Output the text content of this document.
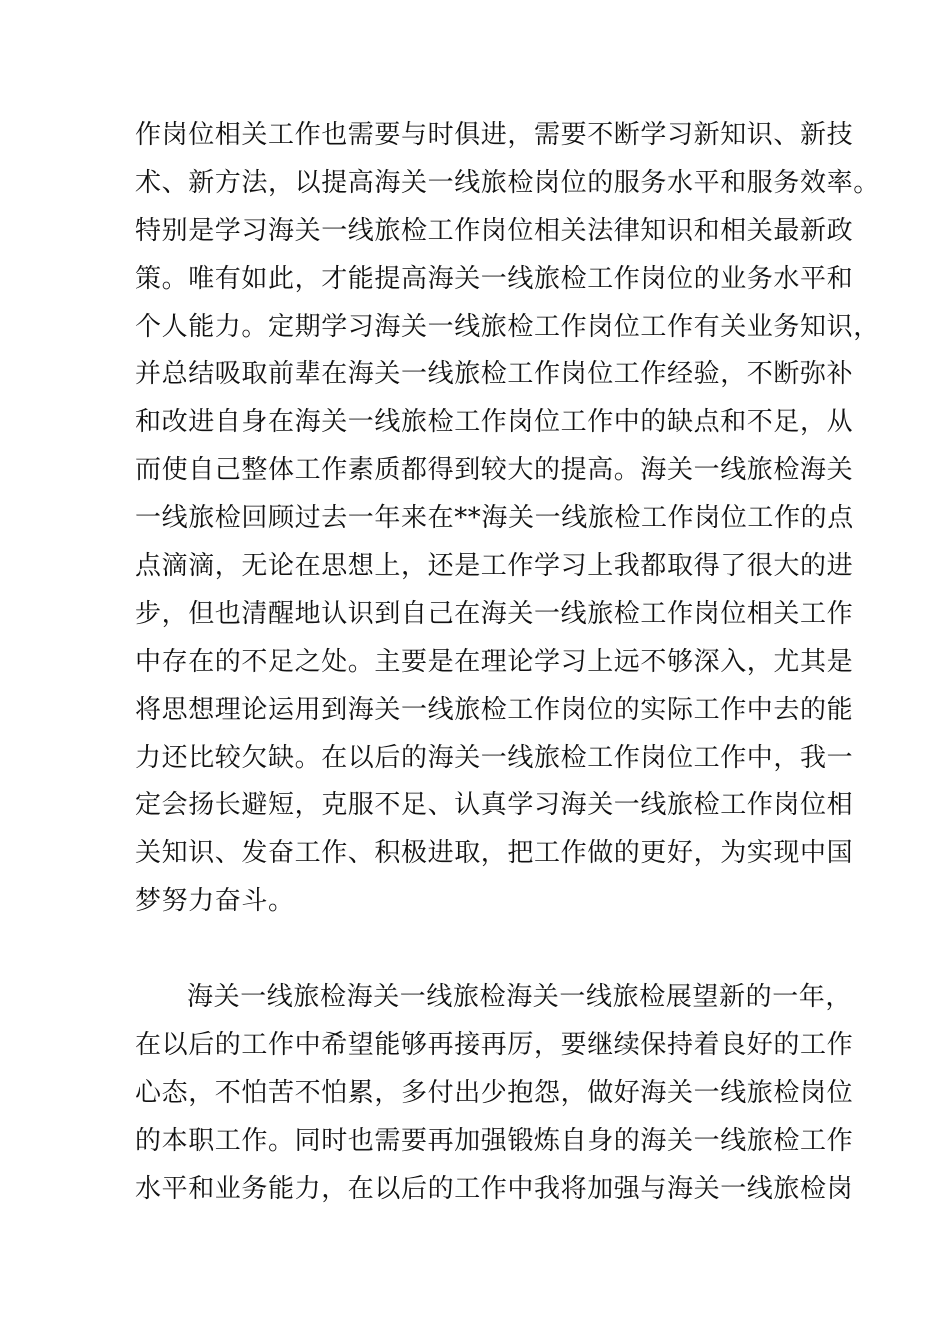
作岗位相关工作也需要与时俱进，需要不断学习新知识、新技
术、新方法，以提高海关一线旅检岗位的服务水平和服务效率。
特别是学习海关一线旅检工作岗位相关法律知识和相关最新政
策。唯有如此，才能提高海关一线旅检工作岗位的业务水平和
个人能力。定期学习海关一线旅检工作岗位工作有关业务知识，
并总结吸取前辈在海关一线旅检工作岗位工作经验，不断弥补
和改进自身在海关一线旅检工作岗位工作中的缺点和不足，从
而使自己整体工作素质都得到较大的提高。海关一线旅检海关
一线旅检回顾过去一年来在**海关一线旅检工作岗位工作的点
点滴滴，无论在思想上，还是工作学习上我都取得了很大的进
步，但也清醒地认识到自己在海关一线旅检工作岗位相关工作
中存在的不足之处。主要是在理论学习上远不够深入，尤其是
将思想理论运用到海关一线旅检工作岗位的实际工作中去的能
力还比较欠缺。在以后的海关一线旅检工作岗位工作中，我一
定会扬长避短，克服不足、认真学习海关一线旅检工作岗位相
关知识、发奋工作、积极进取，把工作做的更好，为实现中国
梦努力奋斗。
海关一线旅检海关一线旅检海关一线旅检展望新的一年，
在以后的工作中希望能够再接再厉，要继续保持着良好的工作
心态，不怕苦不怕累，多付出少抱怨，做好海关一线旅检岗位
的本职工作。同时也需要再加强锻炼自身的海关一线旅检工作
水平和业务能力，在以后的工作中我将加强与海关一线旅检岗
